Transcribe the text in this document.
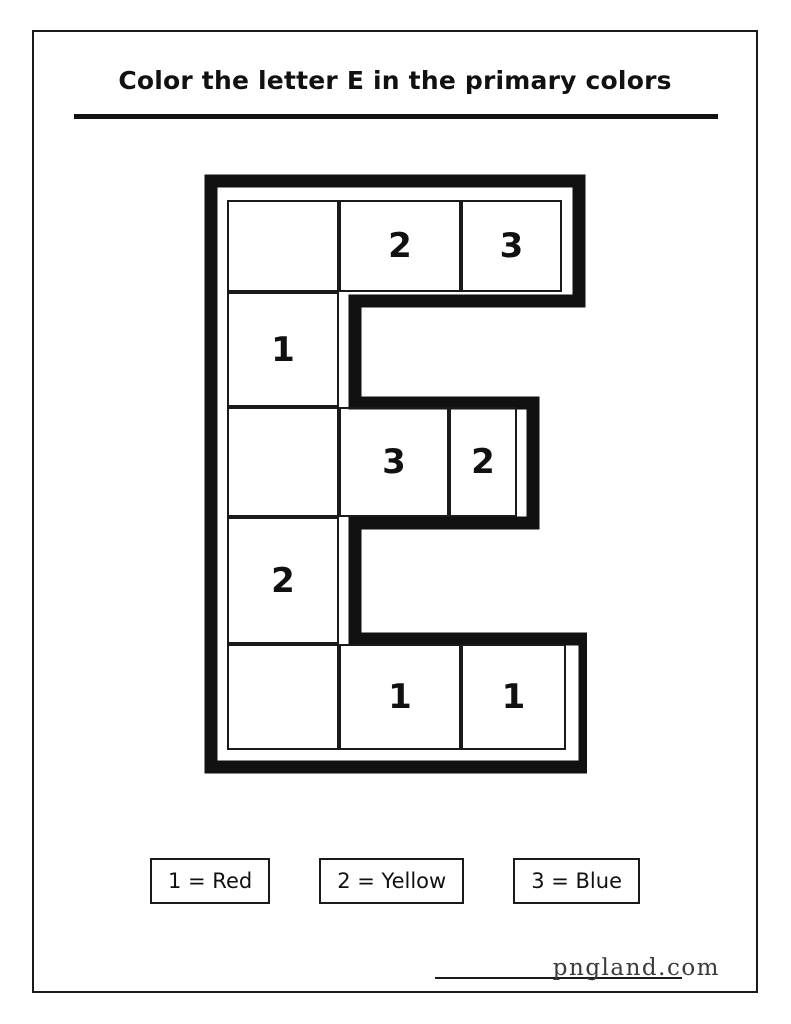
Color the letter E in the primary colors
2	3
1
3 2
2
1	1
1 = Red	2 = Yellow	3 = Blue
pngland.com
